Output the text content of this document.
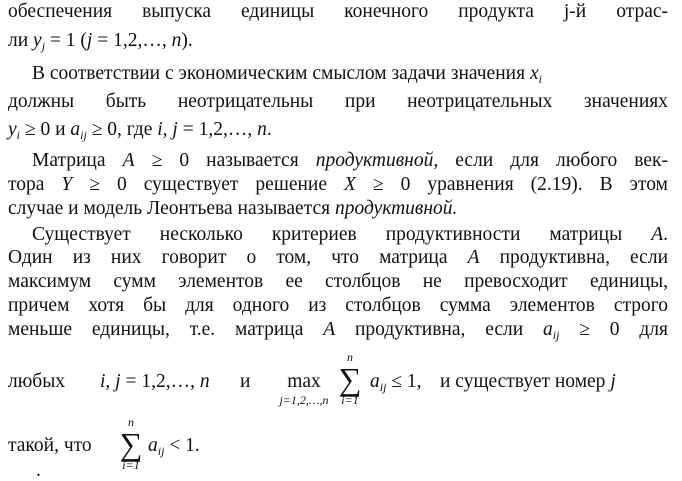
обеспечения выпуска единицы конечного продукта j-й отрас-
ли $y_j = 1$ (j = 1,2,…, n).
В соответствии с экономическим смыслом задачи значения $x_i$
должны быть неотрицательны при неотрицательных значениях
$y_i \ge 0$ и $a_{ij} \ge 0$, где i, j = 1,2,…, n.
Матрица A ≥ 0 называется продуктивной, если для любого век-
тора Y ≥ 0 существует решение X ≥ 0 уравнения (2.19). В этом
случае и модель Леонтьева называется продуктивной.
Существует несколько критериев продуктивности матрицы A.
Один из них говорит о том, что матрица A продуктивна, если
максимум сумм элементов ее столбцов не превосходит единицы,
причем хотя бы для одного из столбцов сумма элементов строго
меньше единицы, т.е. матрица A продуктивна, если $a_{ij} \ge 0$ для
любых i, j = 1,2,…, n и	max
j=1,2,…,n
n
∑
i=1
$a_{ij} \le 1$, и существует номер j
такой, что
n
∑
i=1
$a_{ij} < 1$.
.
